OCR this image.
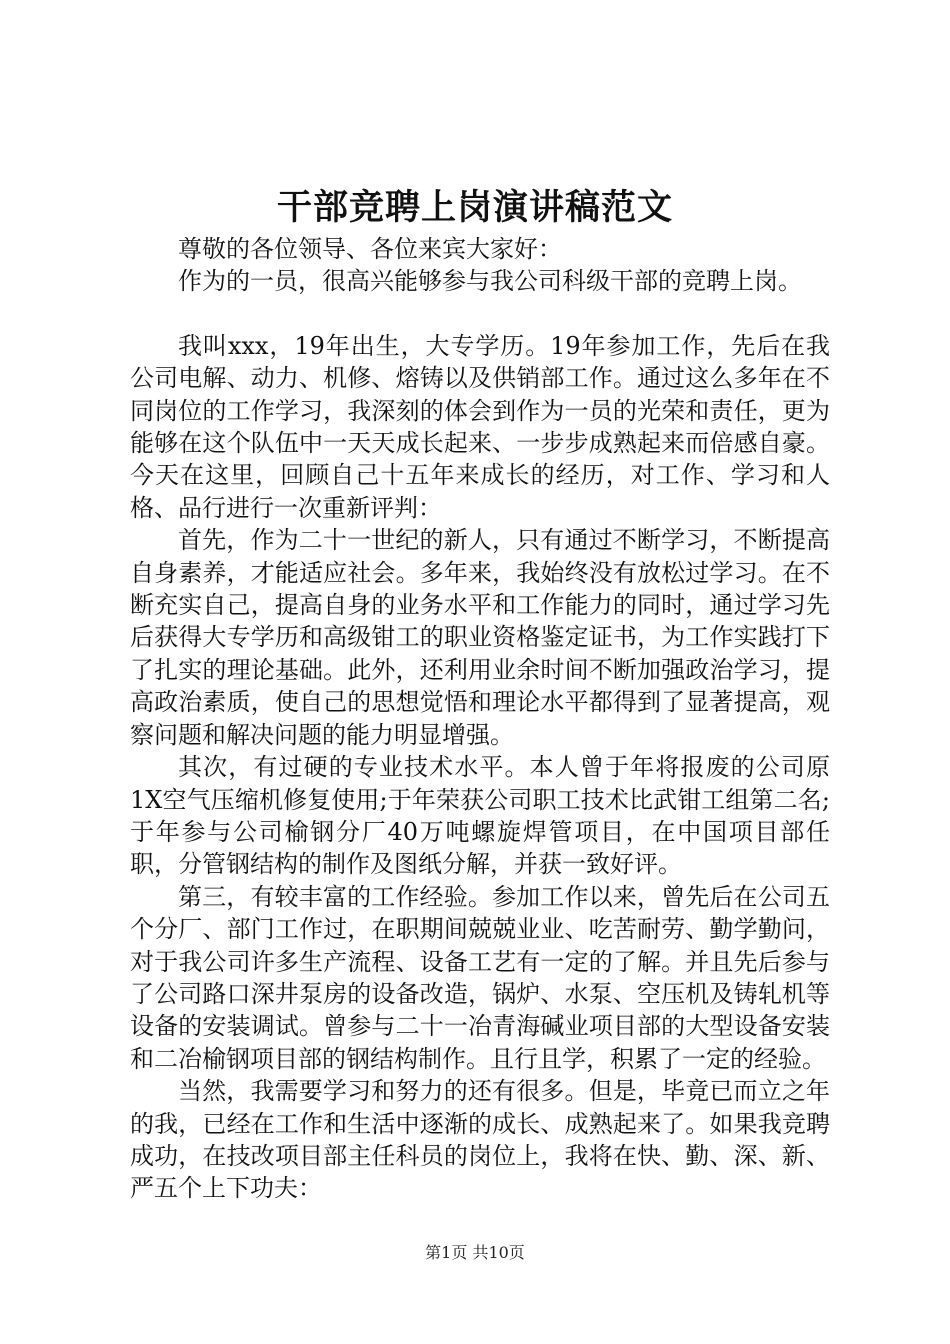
干部竞聘上岗演讲稿范文

尊敬的各位领导、各位来宾大家好：

作为的一员，很高兴能够参与我公司科级干部的竞聘上岗。

我叫xxx，19年出生，大专学历。19年参加工作，先后在我公司电解、动力、机修、熔铸以及供销部工作。通过这么多年在不同岗位的工作学习，我深刻的体会到作为一员的光荣和责任，更为能够在这个队伍中一天天成长起来、一步步成熟起来而倍感自豪。今天在这里，回顾自己十五年来成长的经历，对工作、学习和人格、品行进行一次重新评判：

首先，作为二十一世纪的新人，只有通过不断学习，不断提高自身素养，才能适应社会。多年来，我始终没有放松过学习。在不断充实自己，提高自身的业务水平和工作能力的同时，通过学习先后获得大专学历和高级钳工的职业资格鉴定证书，为工作实践打下了扎实的理论基础。此外，还利用业余时间不断加强政治学习，提高政治素质，使自己的思想觉悟和理论水平都得到了显著提高，观察问题和解决问题的能力明显增强。

其次，有过硬的专业技术水平。本人曾于年将报废的公司原1X空气压缩机修复使用;于年荣获公司职工技术比武钳工组第二名;于年参与公司榆钢分厂40万吨螺旋焊管项目，在中国项目部任职，分管钢结构的制作及图纸分解，并获一致好评。

第三，有较丰富的工作经验。参加工作以来，曾先后在公司五个分厂、部门工作过，在职期间兢兢业业、吃苦耐劳、勤学勤问，对于我公司许多生产流程、设备工艺有一定的了解。并且先后参与了公司路口深井泵房的设备改造，锅炉、水泵、空压机及铸轧机等设备的安装调试。曾参与二十一冶青海碱业项目部的大型设备安装和二冶榆钢项目部的钢结构制作。且行且学，积累了一定的经验。

当然，我需要学习和努力的还有很多。但是，毕竟已而立之年的我，已经在工作和生活中逐渐的成长、成熟起来了。如果我竞聘成功，在技改项目部主任科员的岗位上，我将在快、勤、深、新、严五个上下功夫：

第1页 共10页
